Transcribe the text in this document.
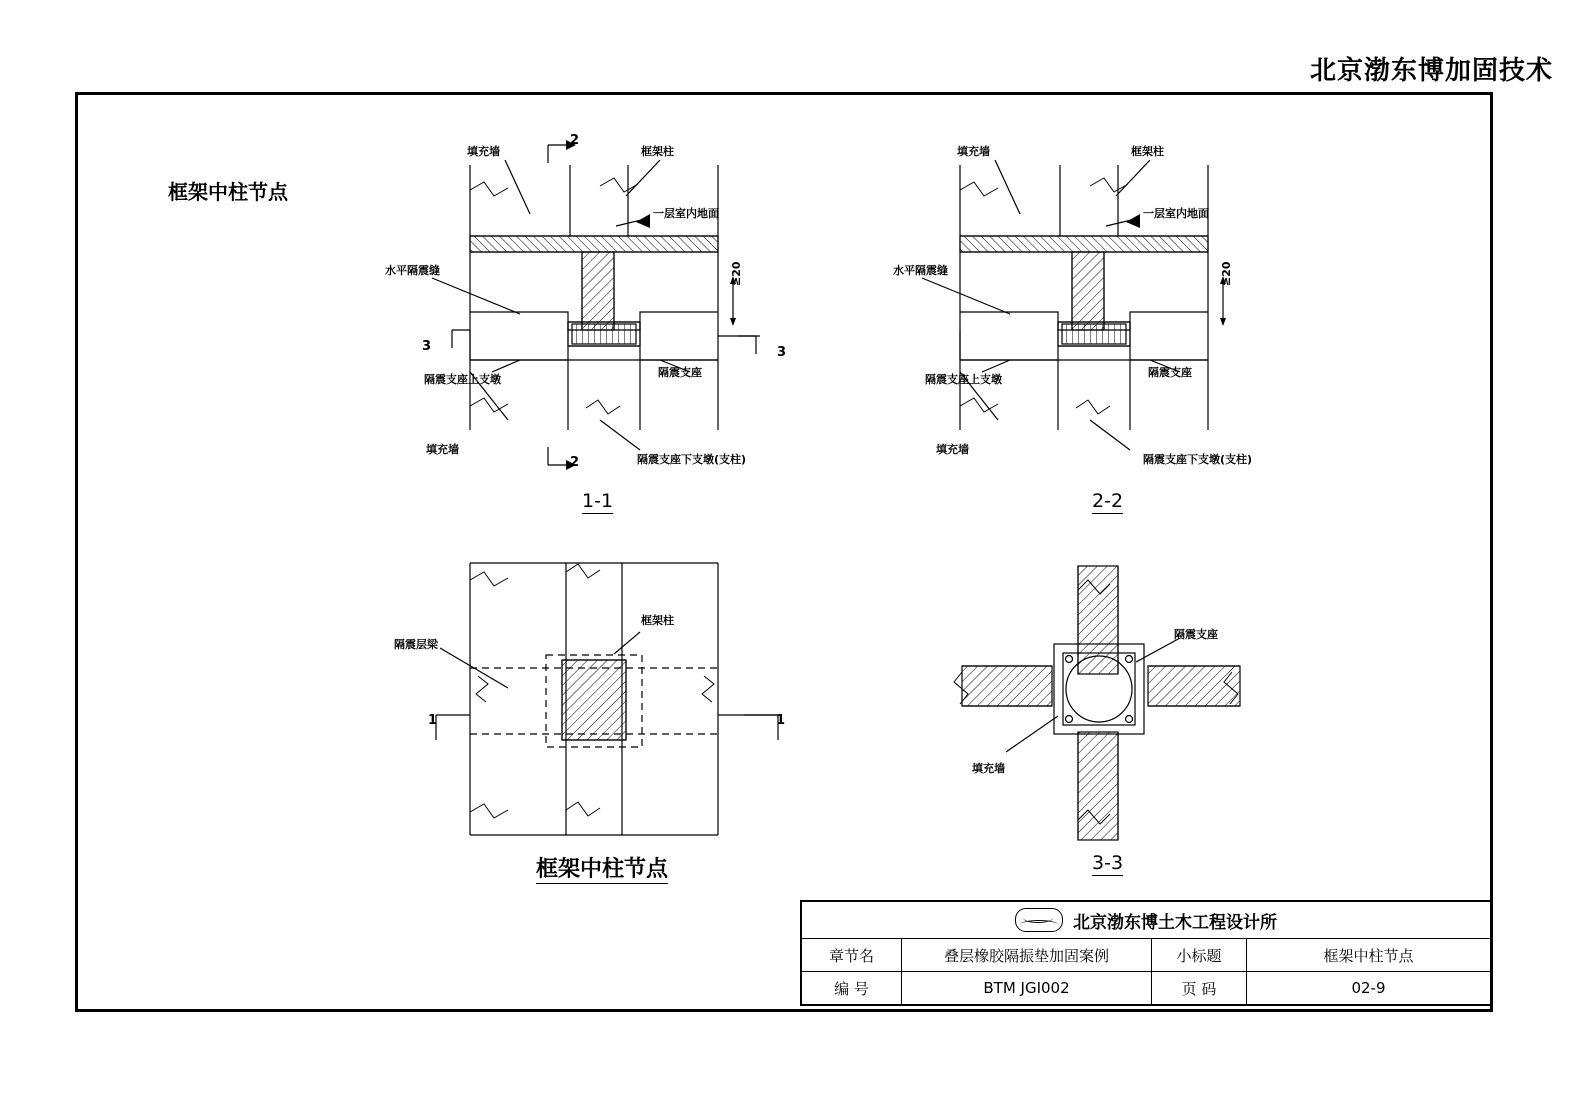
北京渤东博加固技术
框架中柱节点
填充墙	框架柱
一层室内地面
水平隔震缝
隔震支座上支墩
隔震支座
填充墙
隔震支座下支墩(支柱)
≥20
2
2
3	3
填充墙	框架柱
一层室内地面
水平隔震缝
隔震支座上支墩
隔震支座
填充墙
隔震支座下支墩(支柱)
≥20
隔震层梁
框架柱
1	1
隔震支座
填充墙
1-1	2-2
框架中柱节点	3-3
北京渤东博土木工程设计所
章节名	叠层橡胶隔振垫加固案例	小标题	框架中柱节点
编 号	BTM JGI002	页 码	02-9
